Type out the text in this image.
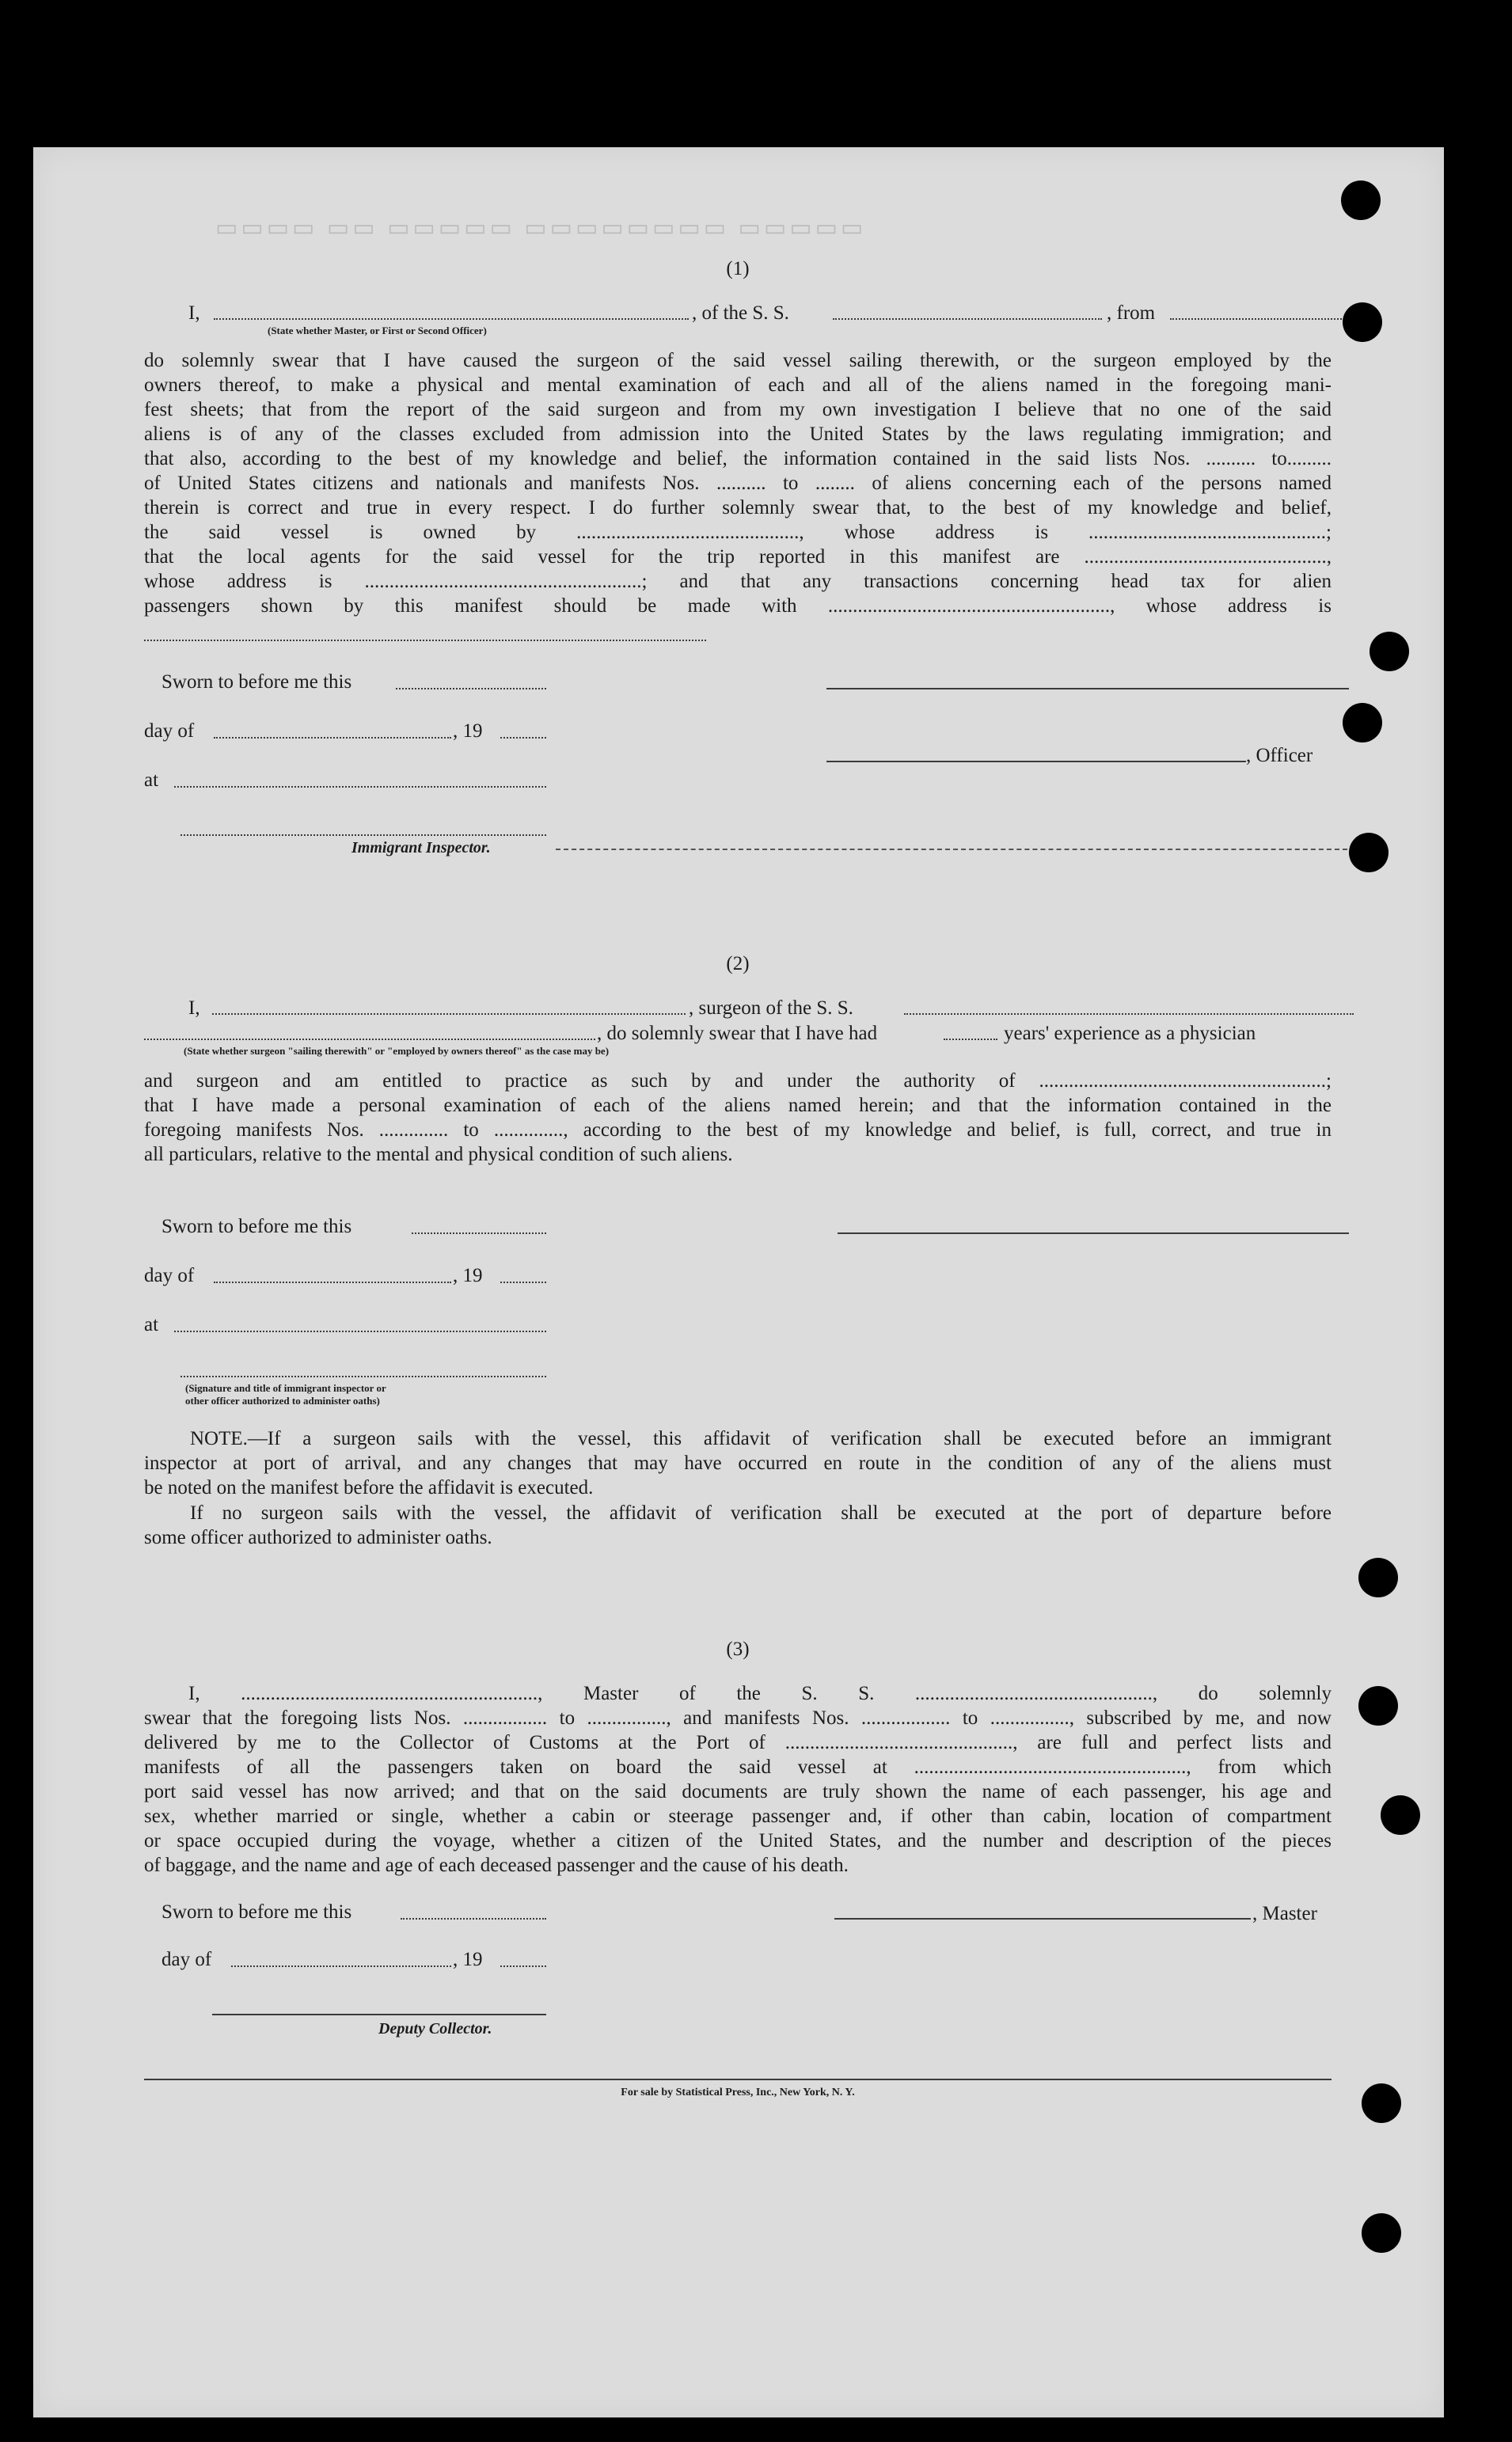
▭▭▭▭ ▭▭ ▭▭▭▭▭ ▭▭▭▭▭▭▭▭ ▭▭▭▭▭
(1)
I,	, of the S. S.	, from
(State whether Master, or First or Second Officer)
do solemnly swear that I have caused the surgeon of the said vessel sailing therewith, or the surgeon employed by the
owners thereof, to make a physical and mental examination of each and all of the aliens named in the foregoing mani-
fest sheets; that from the report of the said surgeon and from my own investigation I believe that no one of the said
aliens is of any of the classes excluded from admission into the United States by the laws regulating immigration; and
that also, according to the best of my knowledge and belief, the information contained in the said lists Nos. .......... to.........
of United States citizens and nationals and manifests Nos. .......... to ........ of aliens concerning each of the persons named
therein is correct and true in every respect. I do further solemnly swear that, to the best of my knowledge and belief,
the said vessel is owned by ............................................., whose address is ................................................;
that the local agents for the said vessel for the trip reported in this manifest are .................................................,
whose address is ........................................................; and that any transactions concerning head tax for alien
passengers shown by this manifest should be made with ........................................................., whose address is
Sworn to before me this
day of	, 19
, Officer
at
Immigrant Inspector.
(2)
I,	, surgeon of the S. S.
, do solemnly swear that I have had	years' experience as a physician
(State whether surgeon "sailing therewith" or "employed by owners thereof" as the case may be)
and surgeon and am entitled to practice as such by and under the authority of ..........................................................;
that I have made a personal examination of each of the aliens named herein; and that the information contained in the
foregoing manifests Nos. .............. to .............., according to the best of my knowledge and belief, is full, correct, and true in
all particulars, relative to the mental and physical condition of such aliens.
Sworn to before me this
day of	, 19
at
(Signature and title of immigrant inspector or
other officer authorized to administer oaths)
NOTE.—If a surgeon sails with the vessel, this affidavit of verification shall be executed before an immigrant
inspector at port of arrival, and any changes that may have occurred en route in the condition of any of the aliens must
be noted on the manifest before the affidavit is executed.
If no surgeon sails with the vessel, the affidavit of verification shall be executed at the port of departure before
some officer authorized to administer oaths.
(3)
I, ............................................................, Master of the S. S. ................................................, do solemnly
swear that the foregoing lists Nos. ................. to ................, and manifests Nos. .................. to ................, subscribed by me, and now
delivered by me to the Collector of Customs at the Port of .............................................., are full and perfect lists and
manifests of all the passengers taken on board the said vessel at ......................................................., from which
port said vessel has now arrived; and that on the said documents are truly shown the name of each passenger, his age and
sex, whether married or single, whether a cabin or steerage passenger and, if other than cabin, location of compartment
or space occupied during the voyage, whether a citizen of the United States, and the number and description of the pieces
of baggage, and the name and age of each deceased passenger and the cause of his death.
Sworn to before me this	, Master
day of	, 19
Deputy Collector.
For sale by Statistical Press, Inc., New York, N. Y.
